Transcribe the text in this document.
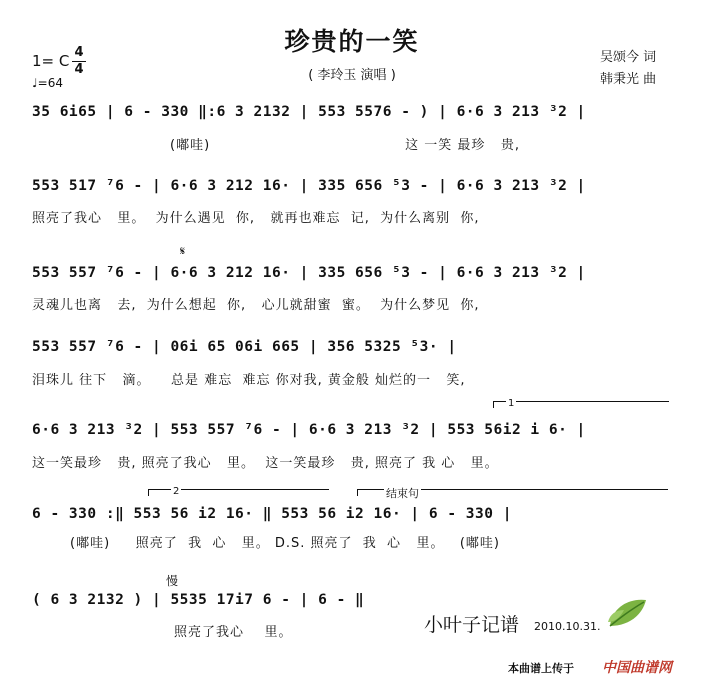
珍贵的一笑
( 李玲玉 演唱 )
吴颂今 词
韩秉光 曲
1= C 4
4
♩=64
35 6i65 | 6 - 330 ‖:6 3 2132 | 553 5576 - ) | 6·6 3 213 ³2 |
(嘟哇)                                      这 一笑 最珍   贵,
553 517 ⁷6 - | 6·6 3 212 16· | 335 656 ⁵3 - | 6·6 3 213 ³2 |
照亮了我心   里。  为什么遇见  你,   就再也难忘  记,  为什么离别  你,
𝄋
553 557 ⁷6 - | 6·6 3 212 16· | 335 656 ⁵3 - | 6·6 3 213 ³2 |
灵魂儿也离   去,  为什么想起  你,   心儿就甜蜜  蜜。  为什么梦见  你,
553 557 ⁷6 - | 06i 65 06i 665 | 356 5325 ⁵3· |
泪珠儿 往下   滴。    总是 难忘  难忘 你对我, 黄金般 灿烂的一   笑,
1
6·6 3 213 ³2 | 553 557 ⁷6 - | 6·6 3 213 ³2 | 553 56i2 i 6· |
这一笑最珍   贵, 照亮了我心   里。  这一笑最珍   贵, 照亮了 我 心   里。
2	结束句
6 - 330 :‖ 553 56 i2 16· ‖ 553 56 i2 16· | 6 - 330 |
(嘟哇)     照亮了  我  心   里。 D.S. 照亮了  我  心   里。   (嘟哇)
慢
( 6 3 2132 ) | 5535 17i7 6 - | 6 - ‖
照亮了我心    里。	小叶子记谱 2010.10.31.
本曲谱上传于 中国曲谱网
